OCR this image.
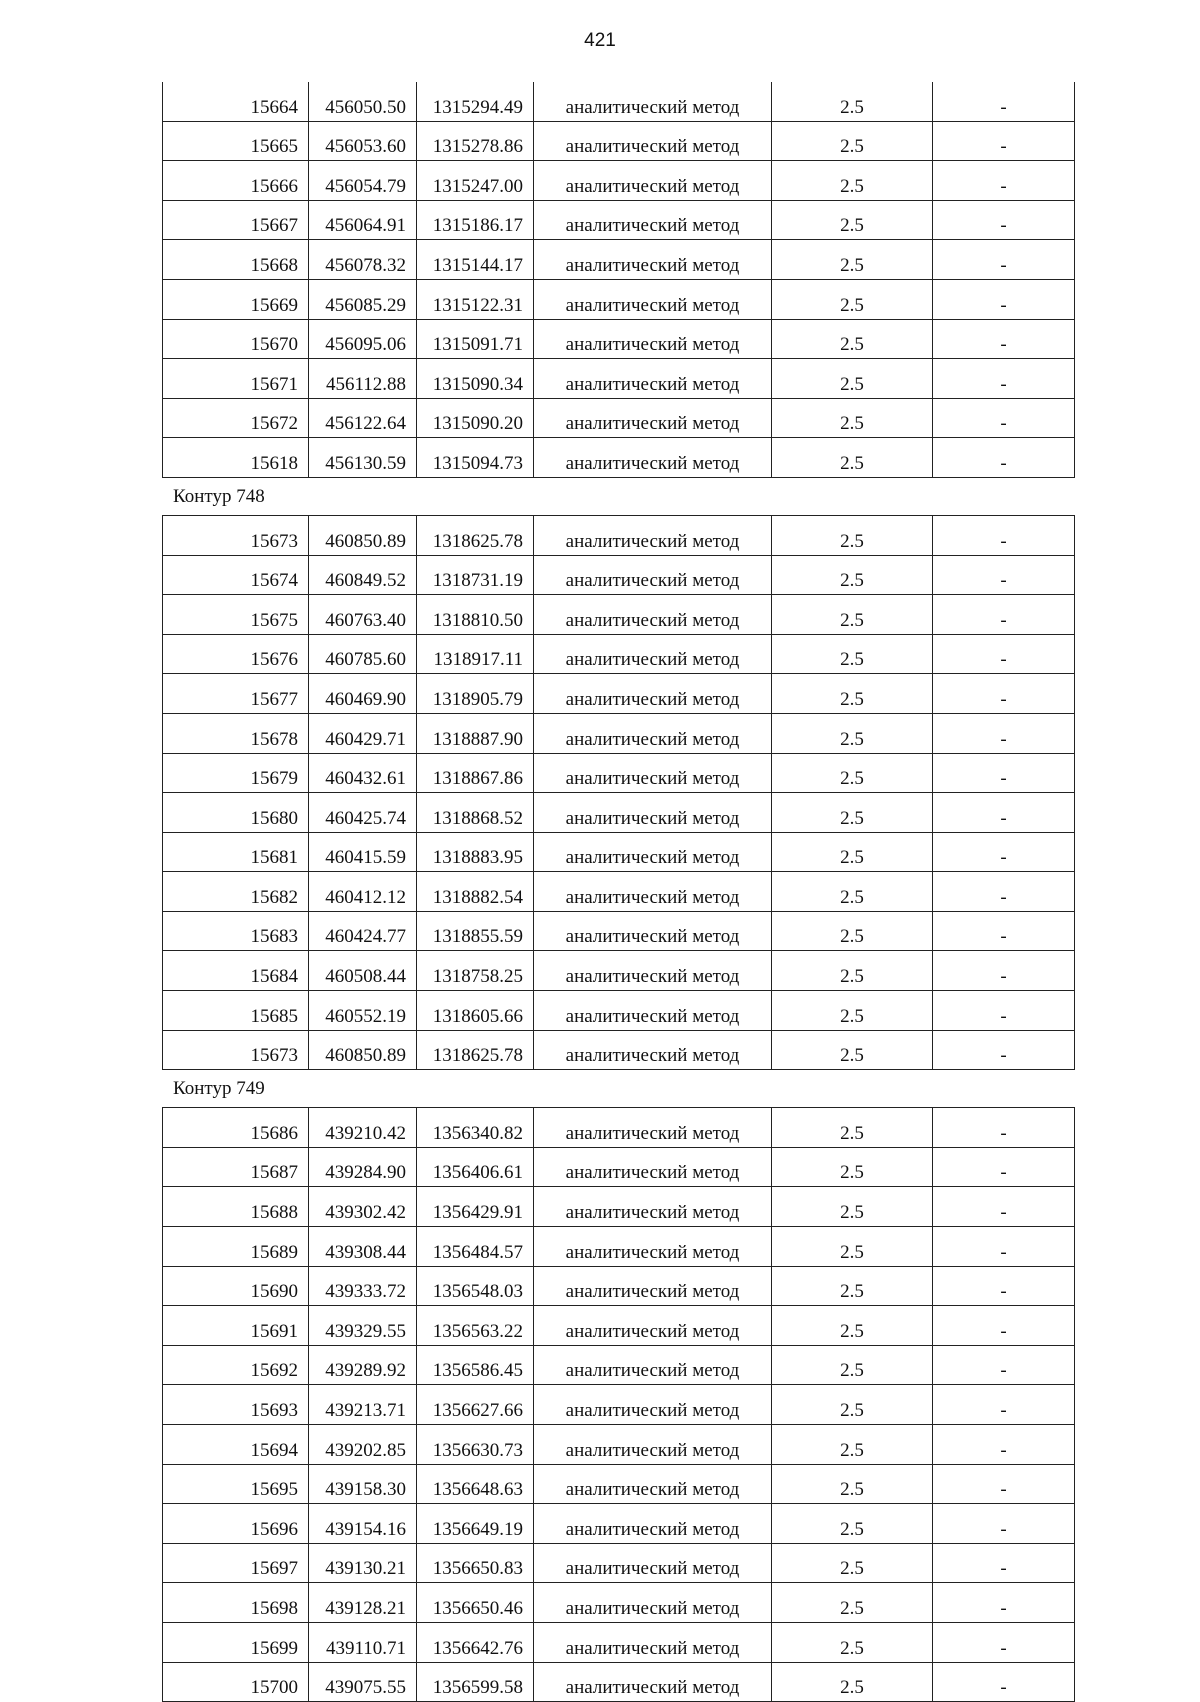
421
15664	456050.50	1315294.49	аналитический метод	2.5	-
15665	456053.60	1315278.86	аналитический метод	2.5	-
15666	456054.79	1315247.00	аналитический метод	2.5	-
15667	456064.91	1315186.17	аналитический метод	2.5	-
15668	456078.32	1315144.17	аналитический метод	2.5	-
15669	456085.29	1315122.31	аналитический метод	2.5	-
15670	456095.06	1315091.71	аналитический метод	2.5	-
15671	456112.88	1315090.34	аналитический метод	2.5	-
15672	456122.64	1315090.20	аналитический метод	2.5	-
15618	456130.59	1315094.73	аналитический метод	2.5	-
Контур 748
15673	460850.89	1318625.78	аналитический метод	2.5	-
15674	460849.52	1318731.19	аналитический метод	2.5	-
15675	460763.40	1318810.50	аналитический метод	2.5	-
15676	460785.60	1318917.11	аналитический метод	2.5	-
15677	460469.90	1318905.79	аналитический метод	2.5	-
15678	460429.71	1318887.90	аналитический метод	2.5	-
15679	460432.61	1318867.86	аналитический метод	2.5	-
15680	460425.74	1318868.52	аналитический метод	2.5	-
15681	460415.59	1318883.95	аналитический метод	2.5	-
15682	460412.12	1318882.54	аналитический метод	2.5	-
15683	460424.77	1318855.59	аналитический метод	2.5	-
15684	460508.44	1318758.25	аналитический метод	2.5	-
15685	460552.19	1318605.66	аналитический метод	2.5	-
15673	460850.89	1318625.78	аналитический метод	2.5	-
Контур 749
15686	439210.42	1356340.82	аналитический метод	2.5	-
15687	439284.90	1356406.61	аналитический метод	2.5	-
15688	439302.42	1356429.91	аналитический метод	2.5	-
15689	439308.44	1356484.57	аналитический метод	2.5	-
15690	439333.72	1356548.03	аналитический метод	2.5	-
15691	439329.55	1356563.22	аналитический метод	2.5	-
15692	439289.92	1356586.45	аналитический метод	2.5	-
15693	439213.71	1356627.66	аналитический метод	2.5	-
15694	439202.85	1356630.73	аналитический метод	2.5	-
15695	439158.30	1356648.63	аналитический метод	2.5	-
15696	439154.16	1356649.19	аналитический метод	2.5	-
15697	439130.21	1356650.83	аналитический метод	2.5	-
15698	439128.21	1356650.46	аналитический метод	2.5	-
15699	439110.71	1356642.76	аналитический метод	2.5	-
15700	439075.55	1356599.58	аналитический метод	2.5	-
